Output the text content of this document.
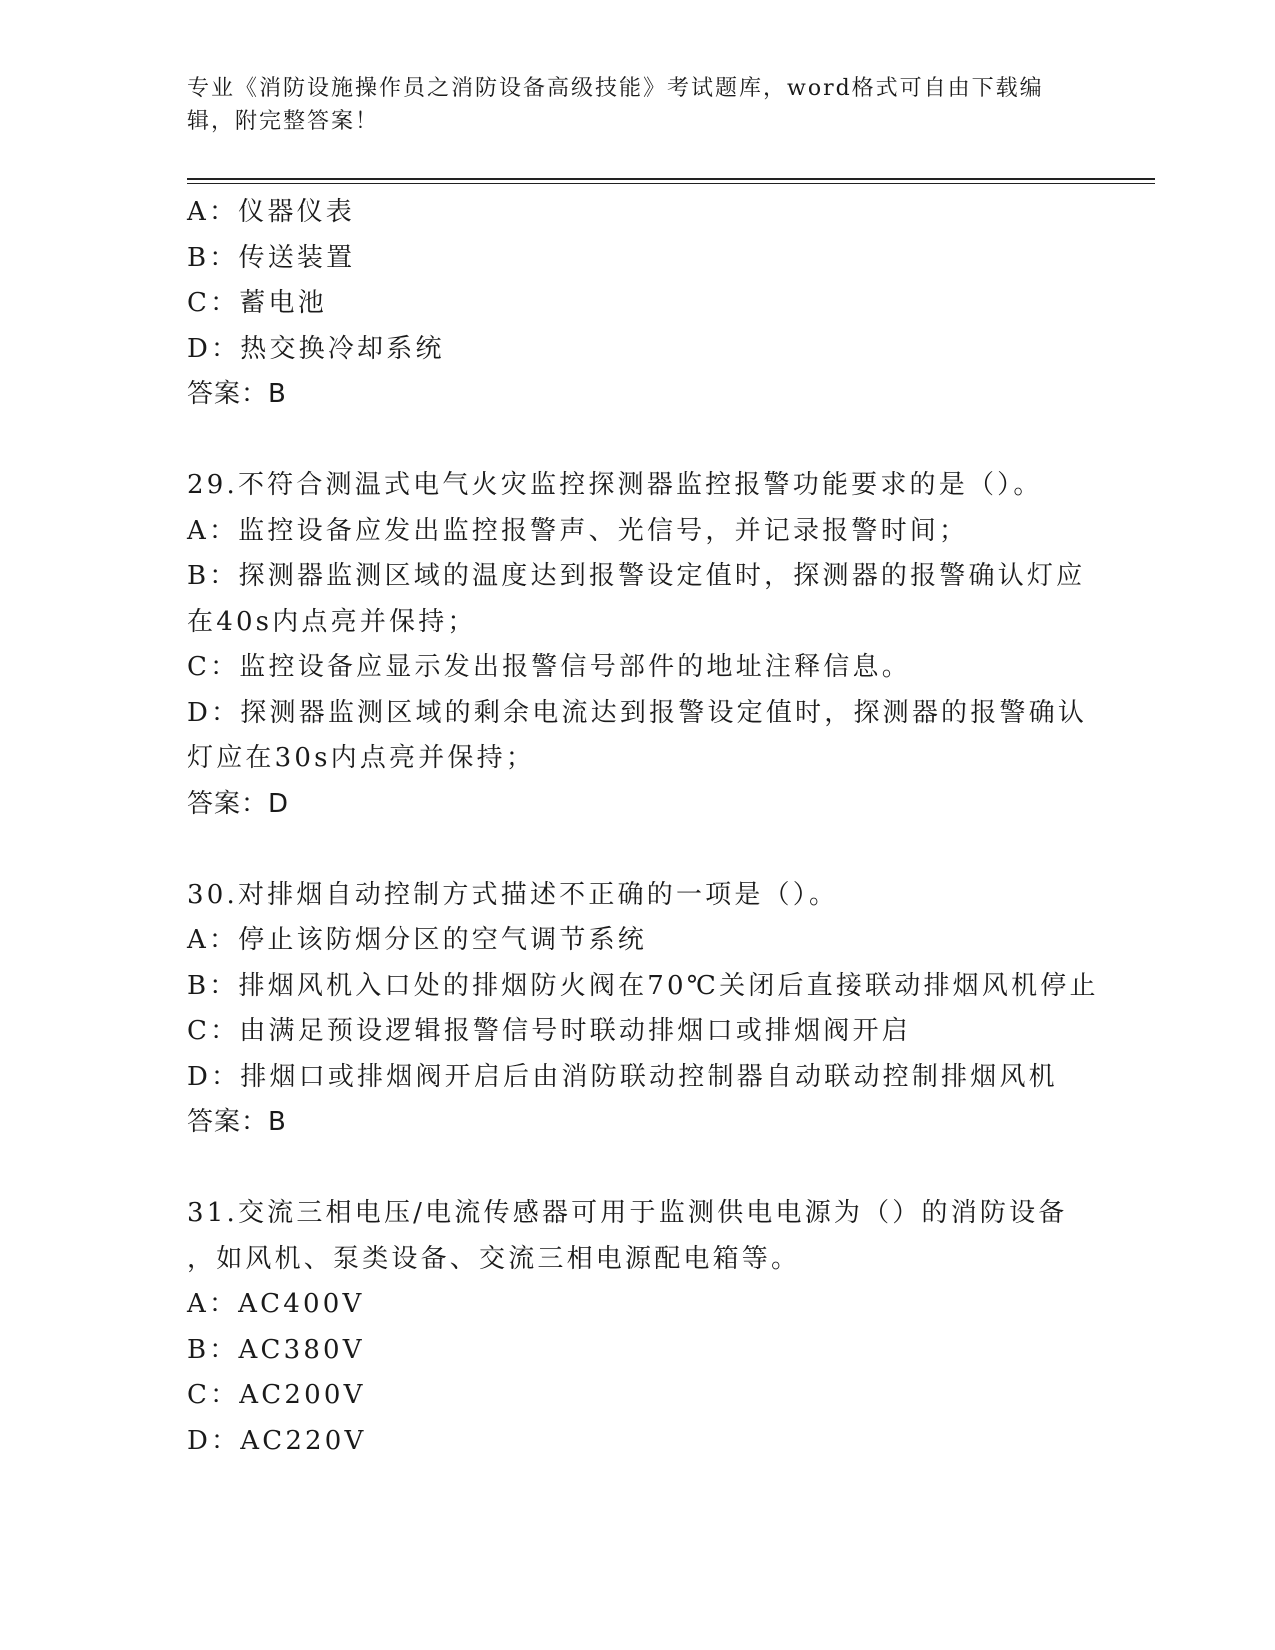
专业《消防设施操作员之消防设备高级技能》考试题库，word格式可自由下载编辑，附完整答案！
A：仪器仪表
B：传送装置
C：蓄电池
D：热交换冷却系统
答案：B
29.不符合测温式电气火灾监控探测器监控报警功能要求的是（）。
A：监控设备应发出监控报警声、光信号，并记录报警时间；
B：探测器监测区域的温度达到报警设定值时，探测器的报警确认灯应
在40s内点亮并保持；
C：监控设备应显示发出报警信号部件的地址注释信息。
D：探测器监测区域的剩余电流达到报警设定值时，探测器的报警确认
灯应在30s内点亮并保持；
答案：D
30.对排烟自动控制方式描述不正确的一项是（）。
A：停止该防烟分区的空气调节系统
B：排烟风机入口处的排烟防火阀在70℃关闭后直接联动排烟风机停止
C：由满足预设逻辑报警信号时联动排烟口或排烟阀开启
D：排烟口或排烟阀开启后由消防联动控制器自动联动控制排烟风机
答案：B
31.交流三相电压/电流传感器可用于监测供电电源为（）的消防设备
，如风机、泵类设备、交流三相电源配电箱等。
A：AC400V
B：AC380V
C：AC200V
D：AC220V
